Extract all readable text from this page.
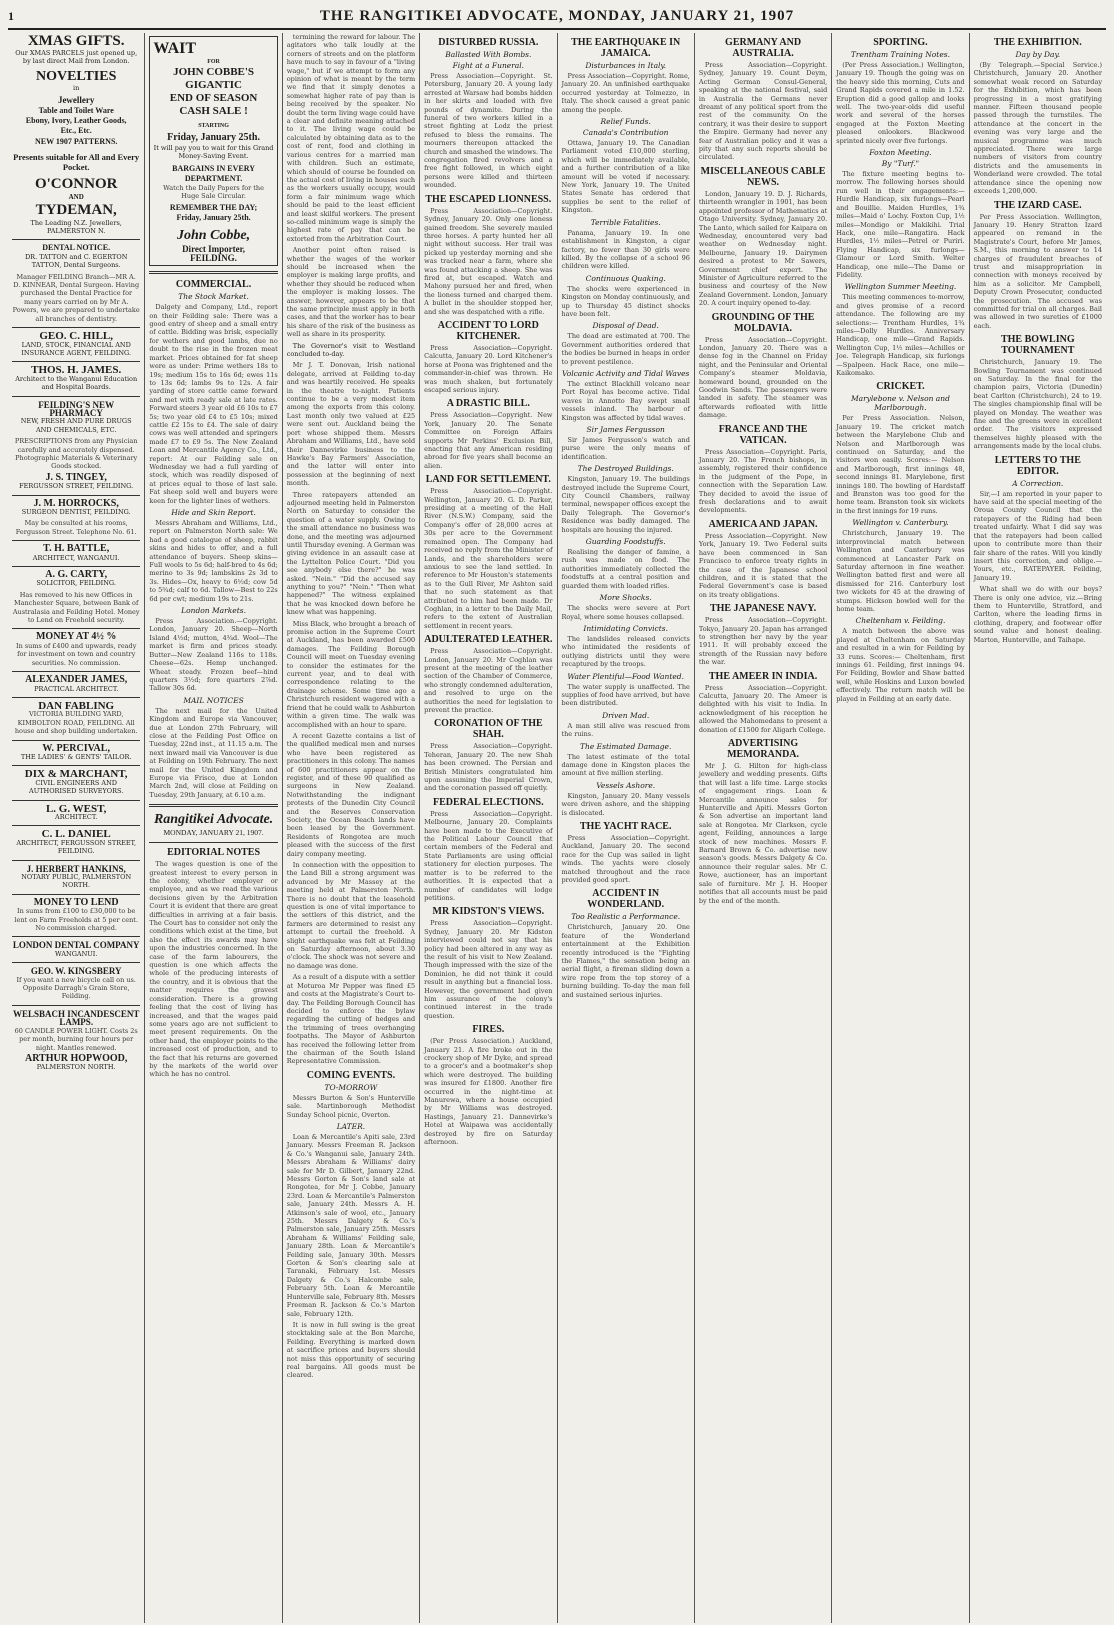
1	THE RANGITIKEI ADVOCATE, MONDAY, JANUARY 21, 1907
XMAS GIFTS.

Our XMAS PARCELS just opened up, by last direct Mail from London.

NOVELTIES

in

Jewellery
Table and Toilet Ware
Ebony, Ivory, Leather Goods,
Etc., Etc.
NEW 1907 PATTERNS.
Presents suitable for All and Every Pocket.
O'CONNOR
AND
TYDEMAN,

The Leading N.Z. Jewellers, PALMERSTON N.

DENTAL NOTICE.

DR. TATTON and C. EGERTON TATTON, Dental Surgeons.

Manager FEILDING Branch—MR A. D. KINNEAR, Dental Surgeon. Having purchased the Dental Practice for many years carried on by Mr A. Powers, we are prepared to undertake all branches of dentistry.

GEO. C. HILL,

LAND, STOCK, FINANCIAL AND INSURANCE AGENT, FEILDING.

THOS. H. JAMES.

Architect to the Wanganui Education and Hospital Boards.

FEILDING'S NEW PHARMACY

NEW, FRESH AND PURE DRUGS AND CHEMICALS, ETC.

PRESCRIPTIONS from any Physician carefully and accurately dispensed. Photographic Materials & Veterinary Goods stocked.

J. S. TINGEY,

FERGUSSON STREET, FEILDING.

J. M. HORROCKS,

SURGEON DENTIST, FEILDING.

May be consulted at his rooms, Fergusson Street. Telephone No. 61.

T. H. BATTLE,

ARCHITECT, WANGANUI.

A. G. CARTY,

SOLICITOR, FEILDING.

Has removed to his new Offices in Manchester Square, between Bank of Australasia and Feilding Hotel. Money to Lend on Freehold security.

MONEY AT 4½ %

In sums of £400 and upwards, ready for investment on town and country securities. No commission.

ALEXANDER JAMES,

PRACTICAL ARCHITECT.

DAN FABLING

VICTORIA BUILDING YARD, KIMBOLTON ROAD, FEILDING. All house and shop building undertaken.

W. PERCIVAL,

THE LADIES' & GENTS' TAILOR.

DIX & MARCHANT,

CIVIL ENGINEERS AND AUTHORISED SURVEYORS.

L. G. WEST,

ARCHITECT.

C. L. DANIEL

ARCHITECT, FERGUSSON STREET, FEILDING.

J. HERBERT HANKINS,

NOTARY PUBLIC, PALMERSTON NORTH.

MONEY TO LEND

In sums from £100 to £30,000 to be lent on Farm Freeholds at 5 per cent. No commission charged.

LONDON DENTAL COMPANY

WANGANUI.

GEO. W. KINGSBERY

If you want a new bicycle call on us. Opposite Darragh's Grain Store, Feilding.

WELSBACH INCANDESCENT LAMPS.

60 CANDLE POWER LIGHT. Costs 2s per month, burning four hours per night. Mantles renewed.

ARTHUR HOPWOOD,

PALMERSTON NORTH.

WAIT
FOR
JOHN COBBE'S
GIGANTIC
END OF SEASON
CASH SALE !
STARTING
Friday, January 25th.

It will pay you to wait for this Grand Money-Saving Event.

BARGAINS IN EVERY DEPARTMENT.

Watch the Daily Papers for the Huge Sale Circular.

REMEMBER THE DAY;
Friday, January 25th.
John Cobbe,
Direct Importer,
FEILDING.
COMMERCIAL.
The Stock Market.

Dalgety and Company, Ltd., report on their Feilding sale: There was a good entry of sheep and a small entry of cattle. Bidding was brisk, especially for wethers and good lambs, due no doubt to the rise in the frozen meat market. Prices obtained for fat sheep were as under: Prime wethers 18s to 19s; medium 15s to 16s 6d; ewes 11s to 13s 6d; lambs 9s to 12s. A fair yarding of store cattle came forward and met with ready sale at late rates. Forward steers 3 year old £6 10s to £7 5s; two year old £4 to £5 10s; mixed cattle £2 15s to £4. The sale of dairy cows was well attended and springers made £7 to £9 5s. The New Zealand Loan and Mercantile Agency Co., Ltd., report: At our Feilding sale on Wednesday we had a full yarding of stock, which was readily disposed of at prices equal to those of last sale. Fat sheep sold well and buyers were keen for the lighter lines of wethers.

Hide and Skin Report.

Messrs Abraham and Williams, Ltd., report on Palmerston North sale: We had a good catalogue of sheep, rabbit skins and hides to offer, and a full attendance of buyers. Sheep skins—Full wools to 5s 6d; half-bred to 4s 6d; merino to 3s 9d; lambskins 2s 3d to 3s. Hides—Ox, heavy to 6½d; cow 5d to 5¾d; calf to 6d. Tallow—Best to 22s 6d per cwt; medium 19s to 21s.

London Markets.

Press Association.—Copyright. London, January 20. Sheep—North Island 4½d; mutton, 4¾d. Wool—The market is firm and prices steady. Butter—New Zealand 116s to 118s. Cheese—62s. Hemp unchanged. Wheat steady. Frozen beef—hind quarters 3½d; fore quarters 2⅞d. Tallow 30s 6d.

MAIL NOTICES

The next mail for the United Kingdom and Europe via Vancouver, due at London 27th February, will close at the Feilding Post Office on Tuesday, 22nd inst., at 11.15 a.m. The next inward mail via Vancouver is due at Feilding on 19th February. The next mail for the United Kingdom and Europe via Frisco, due at London March 2nd, will close at Feilding on Tuesday, 29th January, at 6.10 a.m.

Rangitikei Advocate.
MONDAY, JANUARY 21, 1907.
EDITORIAL NOTES

The wages question is one of the greatest interest to every person in the colony, whether employer or employee, and as we read the various decisions given by the Arbitration Court it is evident that there are great difficulties in arriving at a fair basis. The Court has to consider not only the conditions which exist at the time, but also the effect its awards may have upon the industries concerned. In the case of the farm labourers, the question is one which affects the whole of the producing interests of the country, and it is obvious that the matter requires the gravest consideration. There is a growing feeling that the cost of living has increased, and that the wages paid some years ago are not sufficient to meet present requirements. On the other hand, the employer points to the increased cost of production, and to the fact that his returns are governed by the markets of the world over which he has no control.

termining the reward for labour. The agitators who talk loudly at the corners of streets and on the platform have much to say in favour of a "living wage," but if we attempt to form any opinion of what is meant by the term we find that it simply denotes a somewhat higher rate of pay than is being received by the speaker. No doubt the term living wage could have a clear and definite meaning attached to it. The living wage could be calculated by obtaining data as to the cost of rent, food and clothing in various centres for a married man with children. Such an estimate, which should of course be founded on the actual cost of living in houses such as the workers usually occupy, would form a fair minimum wage which should be paid to the least efficient and least skilful workers. The present so-called minimum wage is simply the highest rate of pay that can be extorted from the Arbitration Court.

Another point often raised is whether the wages of the worker should be increased when the employer is making large profits, and whether they should be reduced when the employer is making losses. The answer, however, appears to be that the same principle must apply in both cases, and that the worker has to bear his share of the risk of the business as well as share in its prosperity.

The Governor's visit to Westland concluded to-day.

Mr J. T. Donovan, Irish national delegate, arrived at Feilding to-day and was heartily received. He speaks in the theatre to-night. Patients continue to be a very modest item among the exports from this colony. Last month only two valued at £25 were sent out. Auckland being the port whose shipped them. Messrs Abraham and Williams, Ltd., have sold their Dannevirke business to the Hawke's Bay Farmers' Association, and the latter will enter into possession at the beginning of next month.

Three ratepayers attended an adjourned meeting held in Palmerston North on Saturday to consider the question of a water supply. Owing to the small attendance no business was done, and the meeting was adjourned until Thursday evening. A German was giving evidence in an assault case at the Lyttelton Police Court. "Did you see anybody else there?" he was asked. "Nein." "Did the accused say anything to you?" "Nein." "Then what happened?" The witness explained that he was knocked down before he knew what was happening.

Miss Black, who brought a breach of promise action in the Supreme Court at Auckland, has been awarded £500 damages. The Feilding Borough Council will meet on Tuesday evening to consider the estimates for the current year, and to deal with correspondence relating to the drainage scheme. Some time ago a Christchurch resident wagered with a friend that he could walk to Ashburton within a given time. The walk was accomplished with an hour to spare.

A recent Gazette contains a list of the qualified medical men and nurses who have been registered as practitioners in this colony. The names of 600 practitioners appear on the register, and of these 90 qualified as surgeons in New Zealand. Notwithstanding the indignant protests of the Dunedin City Council and the Reserves Conservation Society, the Ocean Beach lands have been leased by the Government. Residents of Rongotea are much pleased with the success of the first dairy company meeting.

In connection with the opposition to the Land Bill a strong argument was advanced by Mr Massey at the meeting held at Palmerston North. There is no doubt that the leasehold question is one of vital importance to the settlers of this district, and the farmers are determined to resist any attempt to curtail the freehold. A slight earthquake was felt at Feilding on Saturday afternoon, about 3.30 o'clock. The shock was not severe and no damage was done.

As a result of a dispute with a settler at Moturoa Mr Pepper was fined £5 and costs at the Magistrate's Court to-day. The Feilding Borough Council has decided to enforce the bylaw regarding the cutting of hedges and the trimming of trees overhanging footpaths. The Mayor of Ashburton has received the following letter from the chairman of the South Island Representative Commission.

COMING EVENTS.
TO-MORROW

Messrs Burton & Son's Hunterville sale. Martinborough Methodist Sunday School picnic, Overton.

LATER.

Loan & Mercantile's Apiti sale, 23rd January. Messrs Freeman R. Jackson & Co.'s Wanganui sale, January 24th. Messrs Abraham & Williams' dairy sale for Mr D. Gilbert, January 22nd. Messrs Gorton & Son's land sale at Rongotea, for Mr J. Cobbe, January 23rd. Loan & Mercantile's Palmerston sale, January 24th. Messrs A. H. Atkinson's sale of wool, etc., January 25th. Messrs Dalgety & Co.'s Palmerston sale, January 25th. Messrs Abraham & Williams' Feilding sale, January 28th. Loan & Mercantile's Feilding sale, January 30th. Messrs Gorton & Son's clearing sale at Taranaki, February 1st. Messrs Dalgety & Co.'s Halcombe sale, February 5th. Loan & Mercantile Hunterville sale, February 8th. Messrs Freeman R. Jackson & Co.'s Marton sale, February 12th.

It is now in full swing is the great stocktaking sale at the Bon Marche, Feilding. Everything is marked down at sacrifice prices and buyers should not miss this opportunity of securing real bargains. All goods must be cleared.

DISTURBED RUSSIA.
Ballasted With Bombs.
Fight at a Funeral.

Press Association—Copyright. St. Petersburg, January 20. A young lady arrested at Warsaw had bombs hidden in her skirts and loaded with five pounds of dynamite. During the funeral of two workers killed in a street fighting at Lodz the priest refused to bless the remains. The mourners thereupon attacked the church and smashed the windows. The congregation fired revolvers and a free fight followed, in which eight persons were killed and thirteen wounded.

THE ESCAPED LIONNESS.

Press Association—Copyright. Sydney, January 20. Only one lioness gained freedom. She severely mauled three horses. A party hunted her all night without success. Her trail was picked up yesterday morning and she was tracked near a farm, where she was found attacking a sheep. She was fired at, but escaped. Watch and Mahony pursued her and fired, when the lioness turned and charged them. A bullet in the shoulder stopped her, and she was despatched with a rifle.

ACCIDENT TO LORD KITCHENER.

Press Association—Copyright. Calcutta, January 20. Lord Kitchener's horse at Poona was frightened and the commander-in-chief was thrown. He was much shaken, but fortunately escaped serious injury.

A DRASTIC BILL.

Press Association—Copyright. New York, January 20. The Senate Committee on Foreign Affairs supports Mr Perkins' Exclusion Bill, enacting that any American residing abroad for five years shall become an alien.

LAND FOR SETTLEMENT.

Press Association—Copyright. Wellington, January 20. G. D. Parker, presiding at a meeting of the Hall River (N.S.W.) Company, said the Company's offer of 28,000 acres at 30s per acre to the Government remained open. The Company had received no reply from the Minister of Lands, and the shareholders were anxious to see the land settled. In reference to Mr Houston's statements as to the Gull River, Mr Ashton said that no such statement as that attributed to him had been made. Dr Coghlan, in a letter to the Daily Mail, refers to the extent of Australian settlement in recent years.

ADULTERATED LEATHER.

Press Association—Copyright. London, January 20. Mr Coghlan was present at the meeting of the leather section of the Chamber of Commerce, who strongly condemned adulteration, and resolved to urge on the authorities the need for legislation to prevent the practice.

CORONATION OF THE SHAH.

Press Association—Copyright. Teheran, January 20. The new Shah has been crowned. The Persian and British Ministers congratulated him upon assuming the Imperial Crown, and the coronation passed off quietly.

FEDERAL ELECTIONS.

Press Association—Copyright. Melbourne, January 20. Complaints have been made to the Executive of the Political Labour Council that certain members of the Federal and State Parliaments are using official stationery for election purposes. The matter is to be referred to the authorities. It is expected that a number of candidates will lodge petitions.

MR KIDSTON'S VIEWS.

Press Association—Copyright. Sydney, January 20. Mr Kidston interviewed could not say that his policy had been altered in any way as the result of his visit to New Zealand. Though impressed with the size of the Dominion, he did not think it could result in anything but a financial loss. However, the government had given him assurance of the colony's continued interest in the trade question.

FIRES.

(Per Press Association.) Auckland, January 21. A fire broke out in the crockery shop of Mr Dyke, and spread to a grocer's and a bootmaker's shop which were destroyed. The building was insured for £1800. Another fire occurred in the night-time at Manurewa, where a house occupied by Mr Williams was destroyed. Hastings, January 21. Dannevirke's Hotel at Waipawa was accidentally destroyed by fire on Saturday afternoon.

THE EARTHQUAKE IN JAMAICA.
Disturbances in Italy.

Press Association—Copyright. Rome, January 20. An unfinished earthquake occurred yesterday at Tolmezzo, in Italy. The shock caused a great panic among the people.

Relief Funds.
Canada's Contribution

Ottawa, January 19. The Canadian Parliament voted £10,000 sterling, which will be immediately available, and a further contribution of a like amount will be voted if necessary. New York, January 19. The United States Senate has ordered that supplies be sent to the relief of Kingston.

Terrible Fatalities.

Panama, January 19. In one establishment in Kingston, a cigar factory, no fewer than 30 girls were killed. By the collapse of a school 96 children were killed.

Continuous Quaking.

The shocks were experienced in Kingston on Monday continuously, and up to Thursday 45 distinct shocks have been felt.

Disposal of Dead.

The dead are estimated at 700. The Government authorities ordered that the bodies be burned in heaps in order to prevent pestilence.

Volcanic Activity and Tidal Waves

The extinct Blackhill volcano near Port Royal has become active. Tidal waves in Annotto Bay swept small vessels inland. The harbour of Kingston was affected by tidal waves.

Sir James Fergusson

Sir James Fergusson's watch and purse were the only means of identification.

The Destroyed Buildings.

Kingston, January 19. The buildings destroyed include the Supreme Court, City Council Chambers, railway terminal, newspaper offices except the Daily Telegraph. The Governor's Residence was badly damaged. The hospitals are housing the injured.

Guarding Foodstuffs.

Realising the danger of famine, a rush was made on food. The authorities immediately collected the foodstuffs at a central position and guarded them with loaded rifles.

More Shocks.

The shocks were severe at Port Royal, where some houses collapsed.

Intimidating Convicts.

The landslides released convicts who intimidated the residents of outlying districts until they were recaptured by the troops.

Water Plentiful—Food Wanted.

The water supply is unaffected. The supplies of food have arrived, but have been distributed.

Driven Mad.

A man still alive was rescued from the ruins.

The Estimated Damage.

The latest estimate of the total damage done in Kingston places the amount at five million sterling.

Vessels Ashore.

Kingston, January 20. Many vessels were driven ashore, and the shipping is dislocated.

THE YACHT RACE.

Press Association—Copyright. Auckland, January 20. The second race for the Cup was sailed in light winds. The yachts were closely matched throughout and the race provided good sport.

ACCIDENT IN WONDERLAND.
Too Realistic a Performance.

Christchurch, January 20. One feature of the Wonderland entertainment at the Exhibition recently introduced is the "Fighting the Flames," the sensation being an aerial flight, a fireman sliding down a wire rope from the top storey of a burning building. To-day the man fell and sustained serious injuries.

GERMANY AND AUSTRALIA.

Press Association—Copyright. Sydney, January 19. Count Deym, Acting German Consul-General, speaking at the national festival, said in Australia the Germans never dreamt of any political sport from the rest of the community. On the contrary, it was their desire to support the Empire. Germany had never any fear of Australian policy and it was a pity that any such reports should be circulated.

MISCELLANEOUS CABLE NEWS.

London, January 19. D. J. Richards, thirteenth wrangler in 1901, has been appointed professor of Mathematics at Otago University. Sydney, January 20. The Lanto, which sailed for Kaipara on Wednesday, encountered very bad weather on Wednesday night. Melbourne, January 19. Dairymen desired a protest to Mr Sawers, Government chief expert. The Minister of Agriculture referred to the business and courtesy of the New Zealand Government. London, January 20. A court inquiry opened to-day.

GROUNDING OF THE MOLDAVIA.

Press Association—Copyright. London, January 20. There was a dense fog in the Channel on Friday night, and the Peninsular and Oriental Company's steamer Moldavia, homeward bound, grounded on the Goodwin Sands. The passengers were landed in safety. The steamer was afterwards refloated with little damage.

FRANCE AND THE VATICAN.

Press Association—Copyright. Paris, January 20. The French bishops, in assembly, registered their confidence in the judgment of the Pope, in connection with the Separation Law. They decided to avoid the issue of fresh declarations and to await developments.

AMERICA AND JAPAN.

Press Association—Copyright. New York, January 19. Two Federal suits have been commenced in San Francisco to enforce treaty rights in the case of the Japanese school children, and it is stated that the Federal Government's case is based on its treaty obligations.

THE JAPANESE NAVY.

Press Association—Copyright. Tokyo, January 20. Japan has arranged to strengthen her navy by the year 1911. It will probably exceed the strength of the Russian navy before the war.

THE AMEER IN INDIA.

Press Association—Copyright. Calcutta, January 20. The Ameer is delighted with his visit to India. In acknowledgment of his reception he allowed the Mahomedans to present a donation of £1500 for Aligarh College.

ADVERTISING MEMORANDA.

Mr J. G. Hilton for high-class jewellery and wedding presents. Gifts that will last a life time. Large stocks of engagement rings. Loan & Mercantile announce sales for Hunterville and Apiti. Messrs Gorton & Son advertise an important land sale at Rongotea. Mr Clarkson, cycle agent, Feilding, announces a large stock of new machines. Messrs F. Barnard Brown & Co. advertise new season's goods. Messrs Dalgety & Co. announce their regular sales. Mr C. Rowe, auctioneer, has an important sale of furniture. Mr J. H. Hooper notifies that all accounts must be paid by the end of the month.

SPORTING.
Trentham Training Notes.

(Per Press Association.) Wellington, January 19. Though the going was on the heavy side this morning, Cuts and Grand Rapids covered a mile in 1.52. Eruption did a good gallop and looks well. The two-year-olds did useful work and several of the horses engaged at the Foxton Meeting pleased onlookers. Blackwood sprinted nicely over five furlongs.

Foxton Meeting.
By "Turf."

The fixture meeting begins to-morrow. The following horses should run well in their engagements:— Hurdle Handicap, six furlongs—Pearl and Bouillie. Maiden Hurdles, 1¾ miles—Maid o' Lochy. Foxton Cup, 1½ miles—Mondigo or Makikihi. Trial Hack, one mile—Rangatira. Hack Hurdles, 1½ miles—Petrel or Puriri. Flying Handicap, six furlongs—Glamour or Lord Smith. Welter Handicap, one mile—The Dame or Fidelity.

Wellington Summer Meeting.

This meeting commences to-morrow, and gives promise of a record attendance. The following are my selections:— Trentham Hurdles, 1¾ miles—Dolly Hurdles. Anniversary Handicap, one mile—Grand Rapids. Wellington Cup, 1½ miles—Achilles or Joe. Telegraph Handicap, six furlongs—Spalpeen. Hack Race, one mile—Kaikomako.

CRICKET.
Marylebone v. Nelson and Marlborough.

Per Press Association. Nelson, January 19. The cricket match between the Marylebone Club and Nelson and Marlborough was continued on Saturday, and the visitors won easily. Scores:— Nelson and Marlborough, first innings 48, second innings 81. Marylebone, first innings 180. The bowling of Hardstaff and Branston was too good for the home team. Branston took six wickets in the first innings for 19 runs.

Wellington v. Canterbury.

Christchurch, January 19. The interprovincial match between Wellington and Canterbury was commenced at Lancaster Park on Saturday afternoon in fine weather. Wellington batted first and were all dismissed for 216. Canterbury lost two wickets for 45 at the drawing of stumps. Hickson bowled well for the home team.

Cheltenham v. Feilding.

A match between the above was played at Cheltenham on Saturday and resulted in a win for Feilding by 33 runs. Scores:— Cheltenham, first innings 61. Feilding, first innings 94. For Feilding, Bowler and Shaw batted well, while Hoskins and Luxon bowled effectively. The return match will be played in Feilding at an early date.

THE EXHIBITION.
Day by Day.

(By Telegraph.—Special Service.) Christchurch, January 20. Another somewhat weak record on Saturday for the Exhibition, which has been progressing in a most gratifying manner. Fifteen thousand people passed through the turnstiles. The attendance at the concert in the evening was very large and the musical programme was much appreciated. There were large numbers of visitors from country districts and the amusements in Wonderland were crowded. The total attendance since the opening now exceeds 1,200,000.

THE IZARD CASE.

Per Press Association. Wellington, January 19. Henry Stratton Izard appeared on remand in the Magistrate's Court, before Mr James, S.M., this morning to answer to 14 charges of fraudulent breaches of trust and misappropriation in connection with moneys received by him as a solicitor. Mr Campbell, Deputy Crown Prosecutor, conducted the prosecution. The accused was committed for trial on all charges. Bail was allowed in two sureties of £1000 each.

THE BOWLING TOURNAMENT

Christchurch, January 19. The Bowling Tournament was continued on Saturday. In the final for the champion pairs, Victoria (Dunedin) beat Carlton (Christchurch), 24 to 19. The singles championship final will be played on Monday. The weather was fine and the greens were in excellent order. The visitors expressed themselves highly pleased with the arrangements made by the local clubs.

LETTERS TO THE EDITOR.
A Correction.

Sir,—I am reported in your paper to have said at the special meeting of the Oroua County Council that the ratepayers of the Riding had been treated unfairly. What I did say was that the ratepayers had been called upon to contribute more than their fair share of the rates. Will you kindly insert this correction, and oblige.—Yours, etc., RATEPAYER. Feilding, January 19.

What shall we do with our boys? There is only one advice, viz.—Bring them to Hunterville, Stratford, and Carlton, where the leading firms in clothing, drapery, and footwear offer sound value and honest dealing. Marton, Hunterville, and Taihape.
